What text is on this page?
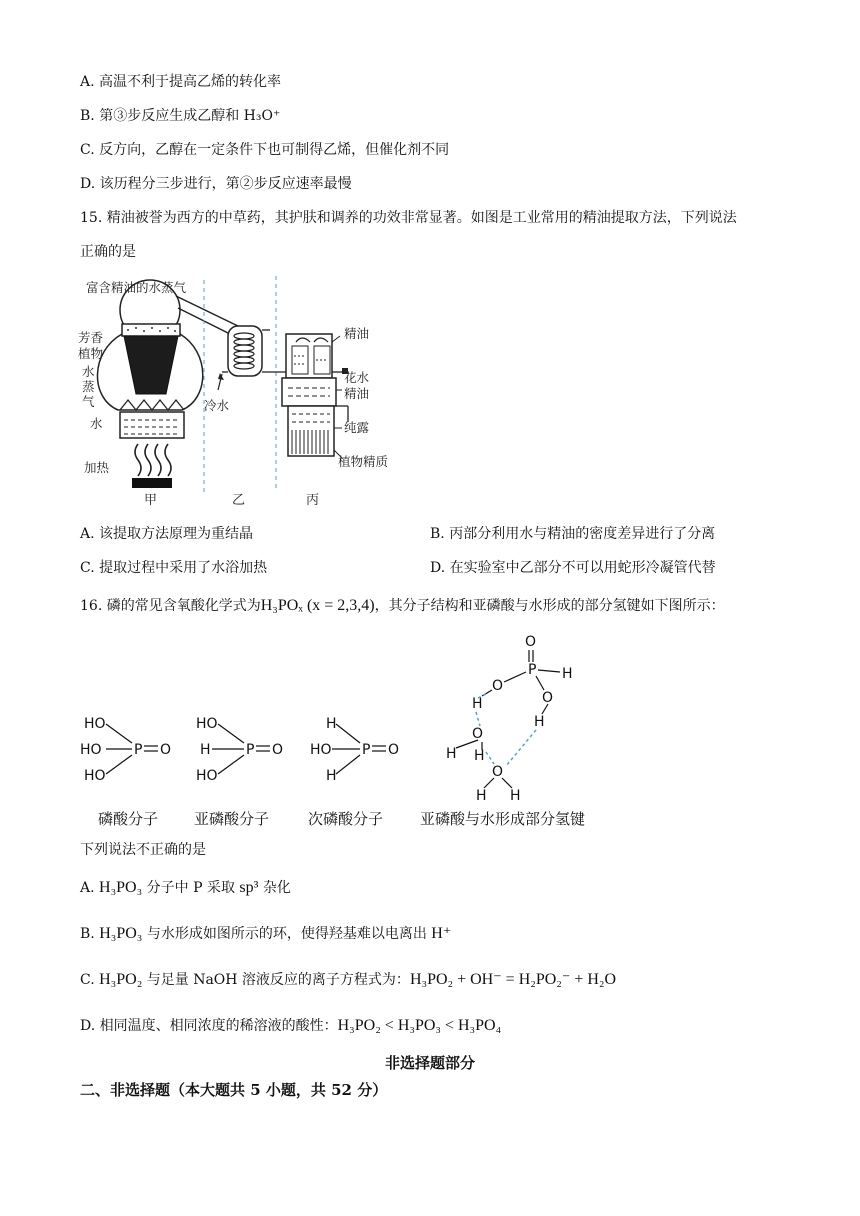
A. 高温不利于提高乙烯的转化率
B. 第③步反应生成乙醇和 H₃O⁺
C. 反方向，乙醇在一定条件下也可制得乙烯，但催化剂不同
D. 该历程分三步进行，第②步反应速率最慢
15. 精油被誉为西方的中草药，其护肤和调养的功效非常显著。如图是工业常用的精油提取方法，下列说法
正确的是
富含精油的水蒸气
芳香植物
水蒸气
水
加热
冷水
精油
花水精油
纯露
植物精质
甲	乙	丙
A. 该提取方法原理为重结晶	B. 丙部分利用水与精油的密度差异进行了分离
C. 提取过程中采用了水浴加热	D. 在实验室中乙部分不可以用蛇形冷凝管代替
16. 磷的常见含氧酸化学式为H₃POₓ (x = 2,3,4)，其分子结构和亚磷酸与水形成的部分氢键如下图所示：
HO
HO
HO
P O
HO
H
HO
P O
H
HO
H
P O
O
P H
O
O
H
H
H
O
H
O
H H
磷酸分子 亚磷酸分子	次磷酸分子 亚磷酸与水形成部分氢键
下列说法不正确的是
A. H₃PO₃ 分子中 P 采取 sp³ 杂化
B. H₃PO₃ 与水形成如图所示的环，使得羟基难以电离出 H⁺
C. H₃PO₂ 与足量 NaOH 溶液反应的离子方程式为：H₃PO₂ + OH⁻ = H₂PO₂⁻ + H₂O
D. 相同温度、相同浓度的稀溶液的酸性：H₃PO₂ < H₃PO₃ < H₃PO₄
非选择题部分
二、非选择题（本大题共 5 小题，共 52 分）
